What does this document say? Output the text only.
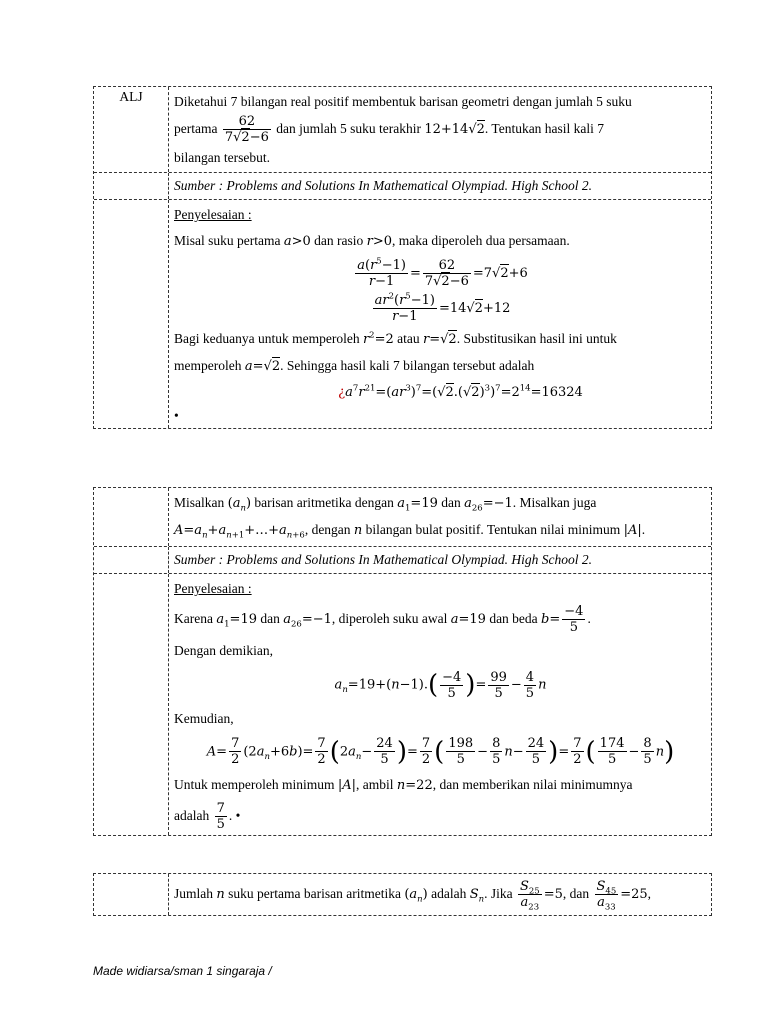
ALJ	Diketahui 7 bilangan real positif membentuk barisan geometri dengan jumlah 5 suku
pertama $\frac{62}{7√2-6}$ dan jumlah 5 suku terakhir 12+14√2. Tentukan hasil kali 7
bilangan tersebut.
Sumber : Problems and Solutions In Mathematical Olympiad. High School 2.
Penyelesaian :
Misal suku pertama a>0 dan rasio r>0, maka diperoleh dua persamaan.
$\frac{a(r^5-1)}{r-1} = \frac{62}{7√2-6} =7√2+6$
$\frac{ar^2(r^5-1)}{r-1} =14√2+12$
Bagi keduanya untuk memperoleh $r^2=2$ atau r=√2. Substitusikan hasil ini untuk
memperoleh a=√2. Sehingga hasil kali 7 bilangan tersebut adalah
¿$a^7r^{21}=(ar^3)^7=(√2.(√2)^3)^7=2^{14}=16324$
•
Misalkan $(a_n)$ barisan aritmetika dengan $a_1=19$ dan $a_{26}=-1$. Misalkan juga
$A=a_n+a_{n+1}+\dots+a_{n+6}$, dengan n bilangan bulat positif. Tentukan nilai minimum |A|.
Sumber : Problems and Solutions In Mathematical Olympiad. High School 2.
Penyelesaian :
Karena $a_1=19$ dan $a_{26}=-1$, diperoleh suku awal a=19 dan beda $b= \frac{-4}{5}$ .
Dengan demikian,
$a_n=19+(n-1).( \frac{-4}{5}$ )= $\frac{99}{5} - \frac{4}{5}$ n
Kemudian,
$A= \frac{7}{2} (2a_n+6b)= \frac{7}{2} (2a_n- \frac{24}{5}$ )= $\frac{7}{2}$ ( $\frac{198}{5} - \frac{8}{5} n- \frac{24}{5}$ )= $\frac{7}{2}$ ( $\frac{174}{5} - \frac{8}{5} n$)
Untuk memperoleh minimum |A|, ambil n=22, dan memberikan nilai minimumnya
adalah $\frac{7}{5}$ . •
Jumlah n suku pertama barisan aritmetika $(a_n)$ adalah $S_n$. Jika $\frac{S_{25}}{a_{23}} =5$, dan $\frac{S_{45}}{a_{33}} =25$,
Made widiarsa/sman 1 singaraja /
